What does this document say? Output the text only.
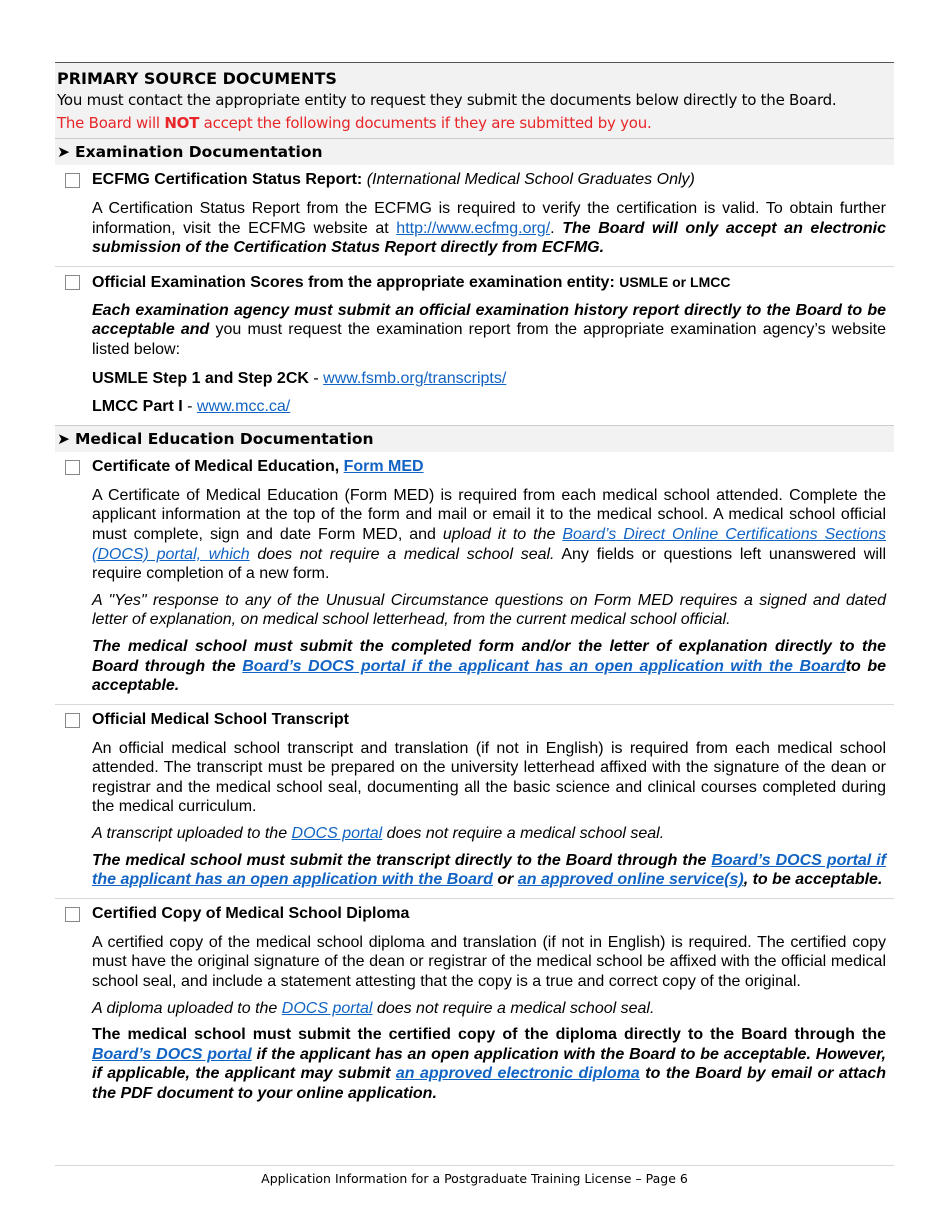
PRIMARY SOURCE DOCUMENTS
You must contact the appropriate entity to request they submit the documents below directly to the Board.
The Board will NOT accept the following documents if they are submitted by you.
➤ Examination Documentation
ECFMG Certification Status Report: (International Medical School Graduates Only)
A Certification Status Report from the ECFMG is required to verify the certification is valid. To obtain further information, visit the ECFMG website at http://www.ecfmg.org/. The Board will only accept an electronic submission of the Certification Status Report directly from ECFMG.
Official Examination Scores from the appropriate examination entity: USMLE or LMCC
Each examination agency must submit an official examination history report directly to the Board to be acceptable and you must request the examination report from the appropriate examination agency’s website listed below:
USMLE Step 1 and Step 2CK - www.fsmb.org/transcripts/
LMCC Part I - www.mcc.ca/
➤ Medical Education Documentation
Certificate of Medical Education, Form MED
A Certificate of Medical Education (Form MED) is required from each medical school attended. Complete the applicant information at the top of the form and mail or email it to the medical school. A medical school official must complete, sign and date Form MED, and upload it to the Board’s Direct Online Certifications Sections (DOCS) portal, which does not require a medical school seal. Any fields or questions left unanswered will require completion of a new form.
A "Yes" response to any of the Unusual Circumstance questions on Form MED requires a signed and dated letter of explanation, on medical school letterhead, from the current medical school official.
The medical school must submit the completed form and/or the letter of explanation directly to the Board through the Board’s DOCS portal if the applicant has an open application with the Boardto be acceptable.
Official Medical School Transcript
An official medical school transcript and translation (if not in English) is required from each medical school attended. The transcript must be prepared on the university letterhead affixed with the signature of the dean or registrar and the medical school seal, documenting all the basic science and clinical courses completed during the medical curriculum.
A transcript uploaded to the DOCS portal does not require a medical school seal.
The medical school must submit the transcript directly to the Board through the Board’s DOCS portal if the applicant has an open application with the Board or an approved online service(s), to be acceptable.
Certified Copy of Medical School Diploma
A certified copy of the medical school diploma and translation (if not in English) is required. The certified copy must have the original signature of the dean or registrar of the medical school be affixed with the official medical school seal, and include a statement attesting that the copy is a true and correct copy of the original.
A diploma uploaded to the DOCS portal does not require a medical school seal.
The medical school must submit the certified copy of the diploma directly to the Board through the Board’s DOCS portal if the applicant has an open application with the Board to be acceptable. However, if applicable, the applicant may submit an approved electronic diploma to the Board by email or attach the PDF document to your online application.
Application Information for a Postgraduate Training License – Page 6
